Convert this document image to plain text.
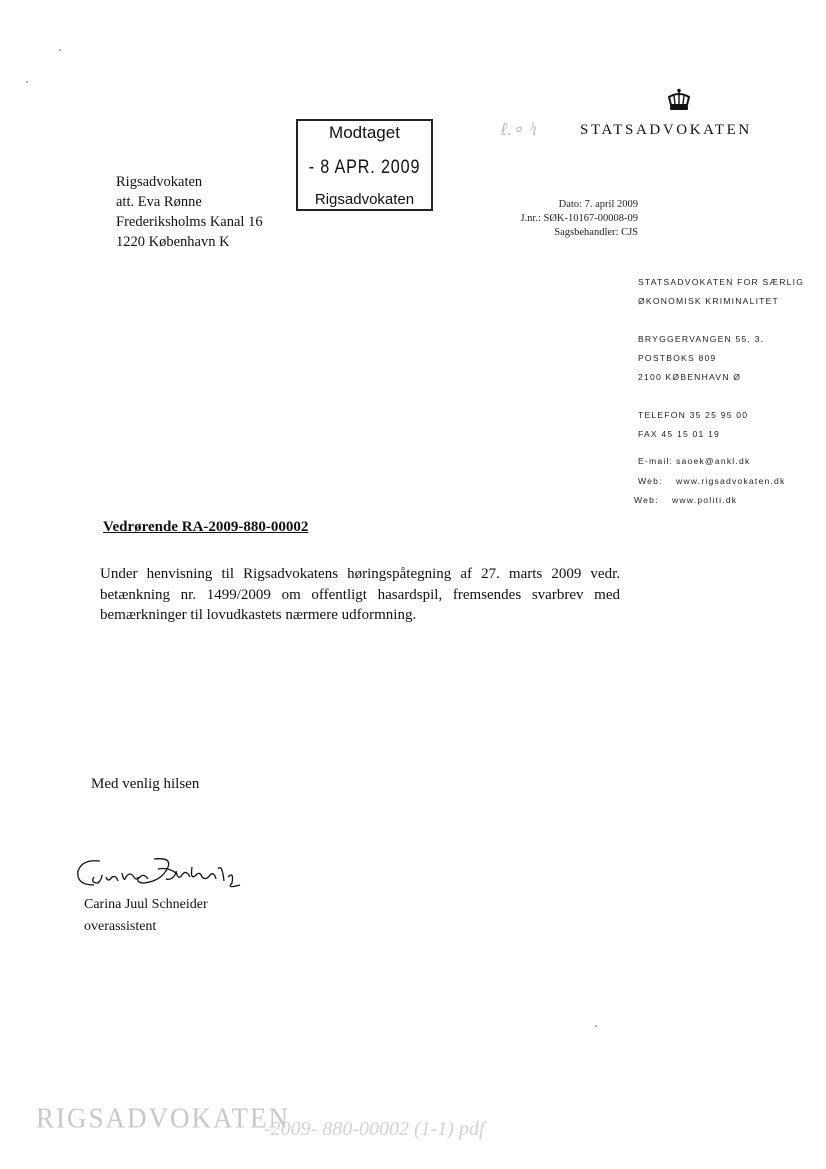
Modtaget
- 8 APR. 2009
Rigsadvokaten
ℓ.∘ ⁾ı	STATSADVOKATEN
Rigsadvokaten
att. Eva Rønne
Frederiksholms Kanal 16
1220 København K
Dato: 7. april 2009
J.nr.: SØK-10167-00008-09
Sagsbehandler: CJS
STATSADVOKATEN FOR SÆRLIG
ØKONOMISK KRIMINALITET
BRYGGERVANGEN 55, 3.
POSTBOKS 809
2100 KØBENHAVN Ø
TELEFON 35 25 95 00
FAX 45 15 01 19
E-mail: saoek@ankl.dk
Web: www.rigsadvokaten.dk
Web: www.politi.dk
Vedrørende RA-2009-880-00002
Under henvisning til Rigsadvokatens høringspåtegning af 27. marts 2009 vedr. betænkning nr. 1499/2009 om offentligt hasardspil, fremsendes svarbrev med bemærkninger til lovudkastets nærmere udformning.
Med venlig hilsen
Carina Juul Schneider
overassistent
RIGSADVOKATEN
-2009- 880-00002 (1-1) pdf
